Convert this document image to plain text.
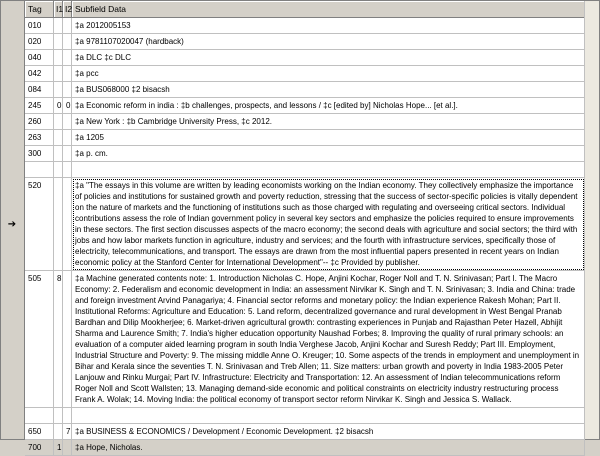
➔
Tag	I1	I2	Subfield Data
010			‡a 2012005153
020			‡a 9781107020047 (hardback)
040			‡a DLC ‡c DLC
042			‡a pcc
084			‡a BUS068000 ‡2 bisacsh
245	0	0	‡a Economic reform in india : ‡b challenges, prospects, and lessons / ‡c [edited by] Nicholas Hope... [et al.].
260			‡a New York : ‡b Cambridge University Press, ‡c 2012.
263			‡a 1205
300			‡a p. cm.

520			‡a "The essays in this volume are written by leading economists working on the Indian economy. They collectively emphasize the importance of policies and institutions for sustained growth and poverty reduction, stressing that the success of sector-specific policies is vitally dependent on the nature of markets and the functioning of institutions such as those charged with regulating and overseeing critical sectors. Individual contributions assess the role of Indian government policy in several key sectors and emphasize the policies required to ensure improvements in these sectors. The first section discusses aspects of the macro economy; the second deals with agriculture and social sectors; the third with jobs and how labor markets function in agriculture, industry and services; and the fourth with infrastructure services, specifically those of electricity, telecommunications, and transport. The essays are drawn from the most influential papers presented in recent years on Indian economic policy at the Stanford Center for International Development"-- ‡c Provided by publisher.
505	8		‡a Machine generated contents note: 1. Introduction Nicholas C. Hope, Anjini Kochar, Roger Noll and T. N. Srinivasan; Part I. The Macro Economy: 2. Federalism and economic development in India: an assessment Nirvikar K. Singh and T. N. Srinivasan; 3. India and China: trade and foreign investment Arvind Panagariya; 4. Financial sector reforms and monetary policy: the Indian experience Rakesh Mohan; Part II. Institutional Reforms: Agriculture and Education: 5. Land reform, decentralized governance and rural development in West Bengal Pranab Bardhan and Dilip Mookherjee; 6. Market-driven agricultural growth: contrasting experiences in Punjab and Rajasthan Peter Hazell, Abhijit Sharma and Laurence Smith; 7. India's higher education opportunity Naushad Forbes; 8. Improving the quality of rural primary schools: an evaluation of a computer aided learning program in south India Verghese Jacob, Anjini Kochar and Suresh Reddy; Part III. Employment, Industrial Structure and Poverty: 9. The missing middle Anne O. Kreuger; 10. Some aspects of the trends in employment and unemployment in Bihar and Kerala since the seventies T. N. Srinivasan and Treb Allen; 11. Size matters: urban growth and poverty in India 1983-2005 Peter Lanjouw and Rinku Murgai; Part IV. Infrastructure: Electricity and Transportation: 12. An assessment of Indian telecommunications reform Roger Noll and Scott Wallsten; 13. Managing demand-side economic and political constraints on electricity industry restructuring process Frank A. Wolak; 14. Moving India: the political economy of transport sector reform Nirvikar K. Singh and Jessica S. Wallack.

650		7	‡a BUSINESS & ECONOMICS / Development / Economic Development. ‡2 bisacsh
700	1		‡a Hope, Nicholas.
